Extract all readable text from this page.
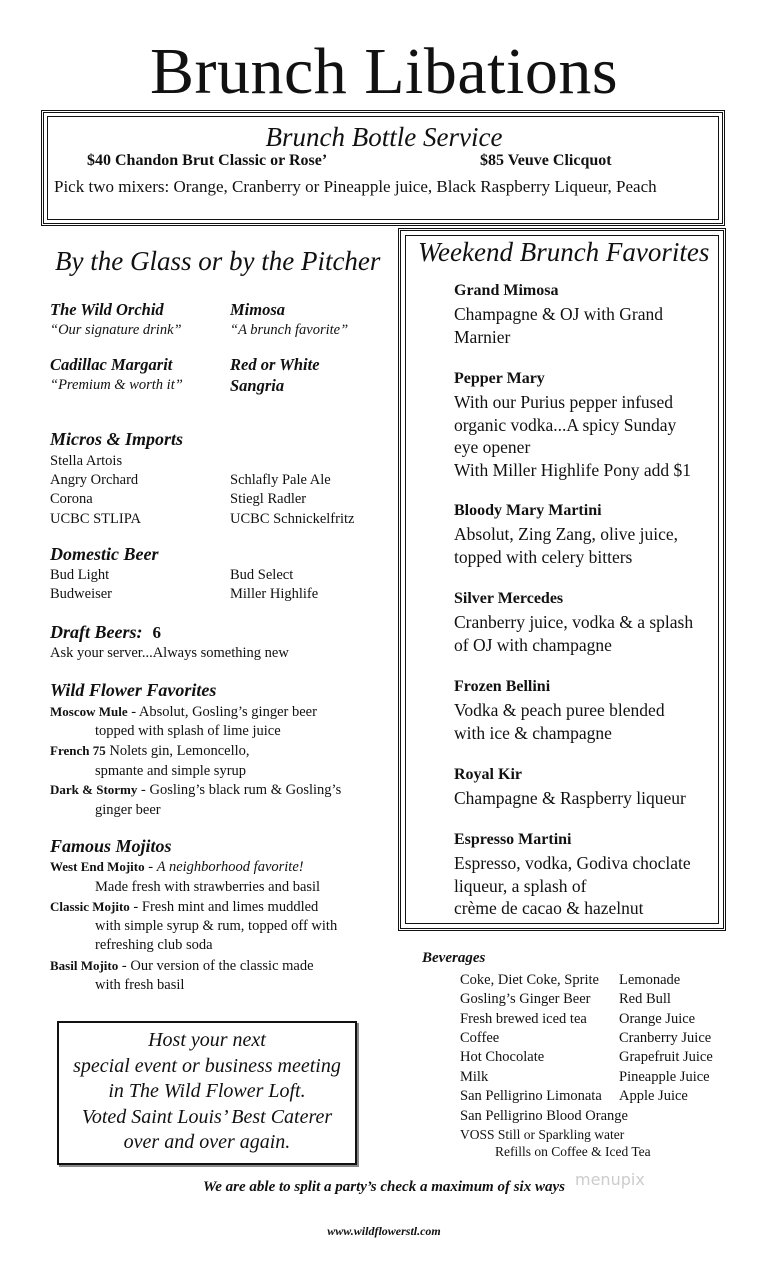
Brunch Libations
Brunch Bottle Service
$40 Chandon Brut Classic or Rose’	$85 Veuve Clicquot
Pick two mixers: Orange, Cranberry or Pineapple juice, Black Raspberry Liqueur, Peach
By the Glass or by the Pitcher
The Wild Orchid
“Our signature drink”
Mimosa
“A brunch favorite”
Cadillac Margarit
“Premium & worth it”
Red or White
Sangria
Micros & Imports
Stella Artois
Angry Orchard
Corona
UCBC STLIPA
Schlafly Pale Ale
Stiegl Radler
UCBC Schnickelfritz
Domestic Beer
Bud Light
Budweiser
Bud Select
Miller Highlife
Draft Beers: 6
Ask your server...Always something new
Wild Flower Favorites
Moscow Mule - Absolut, Gosling’s ginger beer
topped with splash of lime juice
French 75 Nolets gin, Lemoncello,
spmante and simple syrup
Dark & Stormy - Gosling’s black rum & Gosling’s
ginger beer
Famous Mojitos
West End Mojito - A neighborhood favorite!
Made fresh with strawberries and basil
Classic Mojito - Fresh mint and limes muddled
with simple syrup & rum, topped off with
refreshing club soda
Basil Mojito - Our version of the classic made
with fresh basil
Host your next
special event or business meeting
in The Wild Flower Loft.
Voted Saint Louis’ Best Caterer
over and over again.
Weekend Brunch Favorites
Grand Mimosa
Champagne & OJ with Grand
Marnier
Pepper Mary
With our Purius pepper infused
organic vodka...A spicy Sunday
eye opener
With Miller Highlife Pony add $1
Bloody Mary Martini
Absolut, Zing Zang, olive juice,
topped with celery bitters
Silver Mercedes
Cranberry juice, vodka & a splash
of OJ with champagne
Frozen Bellini
Vodka & peach puree blended
with ice & champagne
Royal Kir
Champagne & Raspberry liqueur
Espresso Martini
Espresso, vodka, Godiva choclate
liqueur, a splash of
crème de cacao & hazelnut
Beverages
Coke, Diet Coke, Sprite
Gosling’s Ginger Beer
Fresh brewed iced tea
Coffee
Hot Chocolate
Milk
Lemonade
Red Bull
Orange Juice
Cranberry Juice
Grapefruit Juice
Pineapple Juice
San Pelligrino Limonata Apple Juice
San Pelligrino Blood Orange
VOSS Still or Sparkling water
Refills on Coffee & Iced Tea
menupix
We are able to split a party’s check a maximum of six ways
www.wildflowerstl.com
